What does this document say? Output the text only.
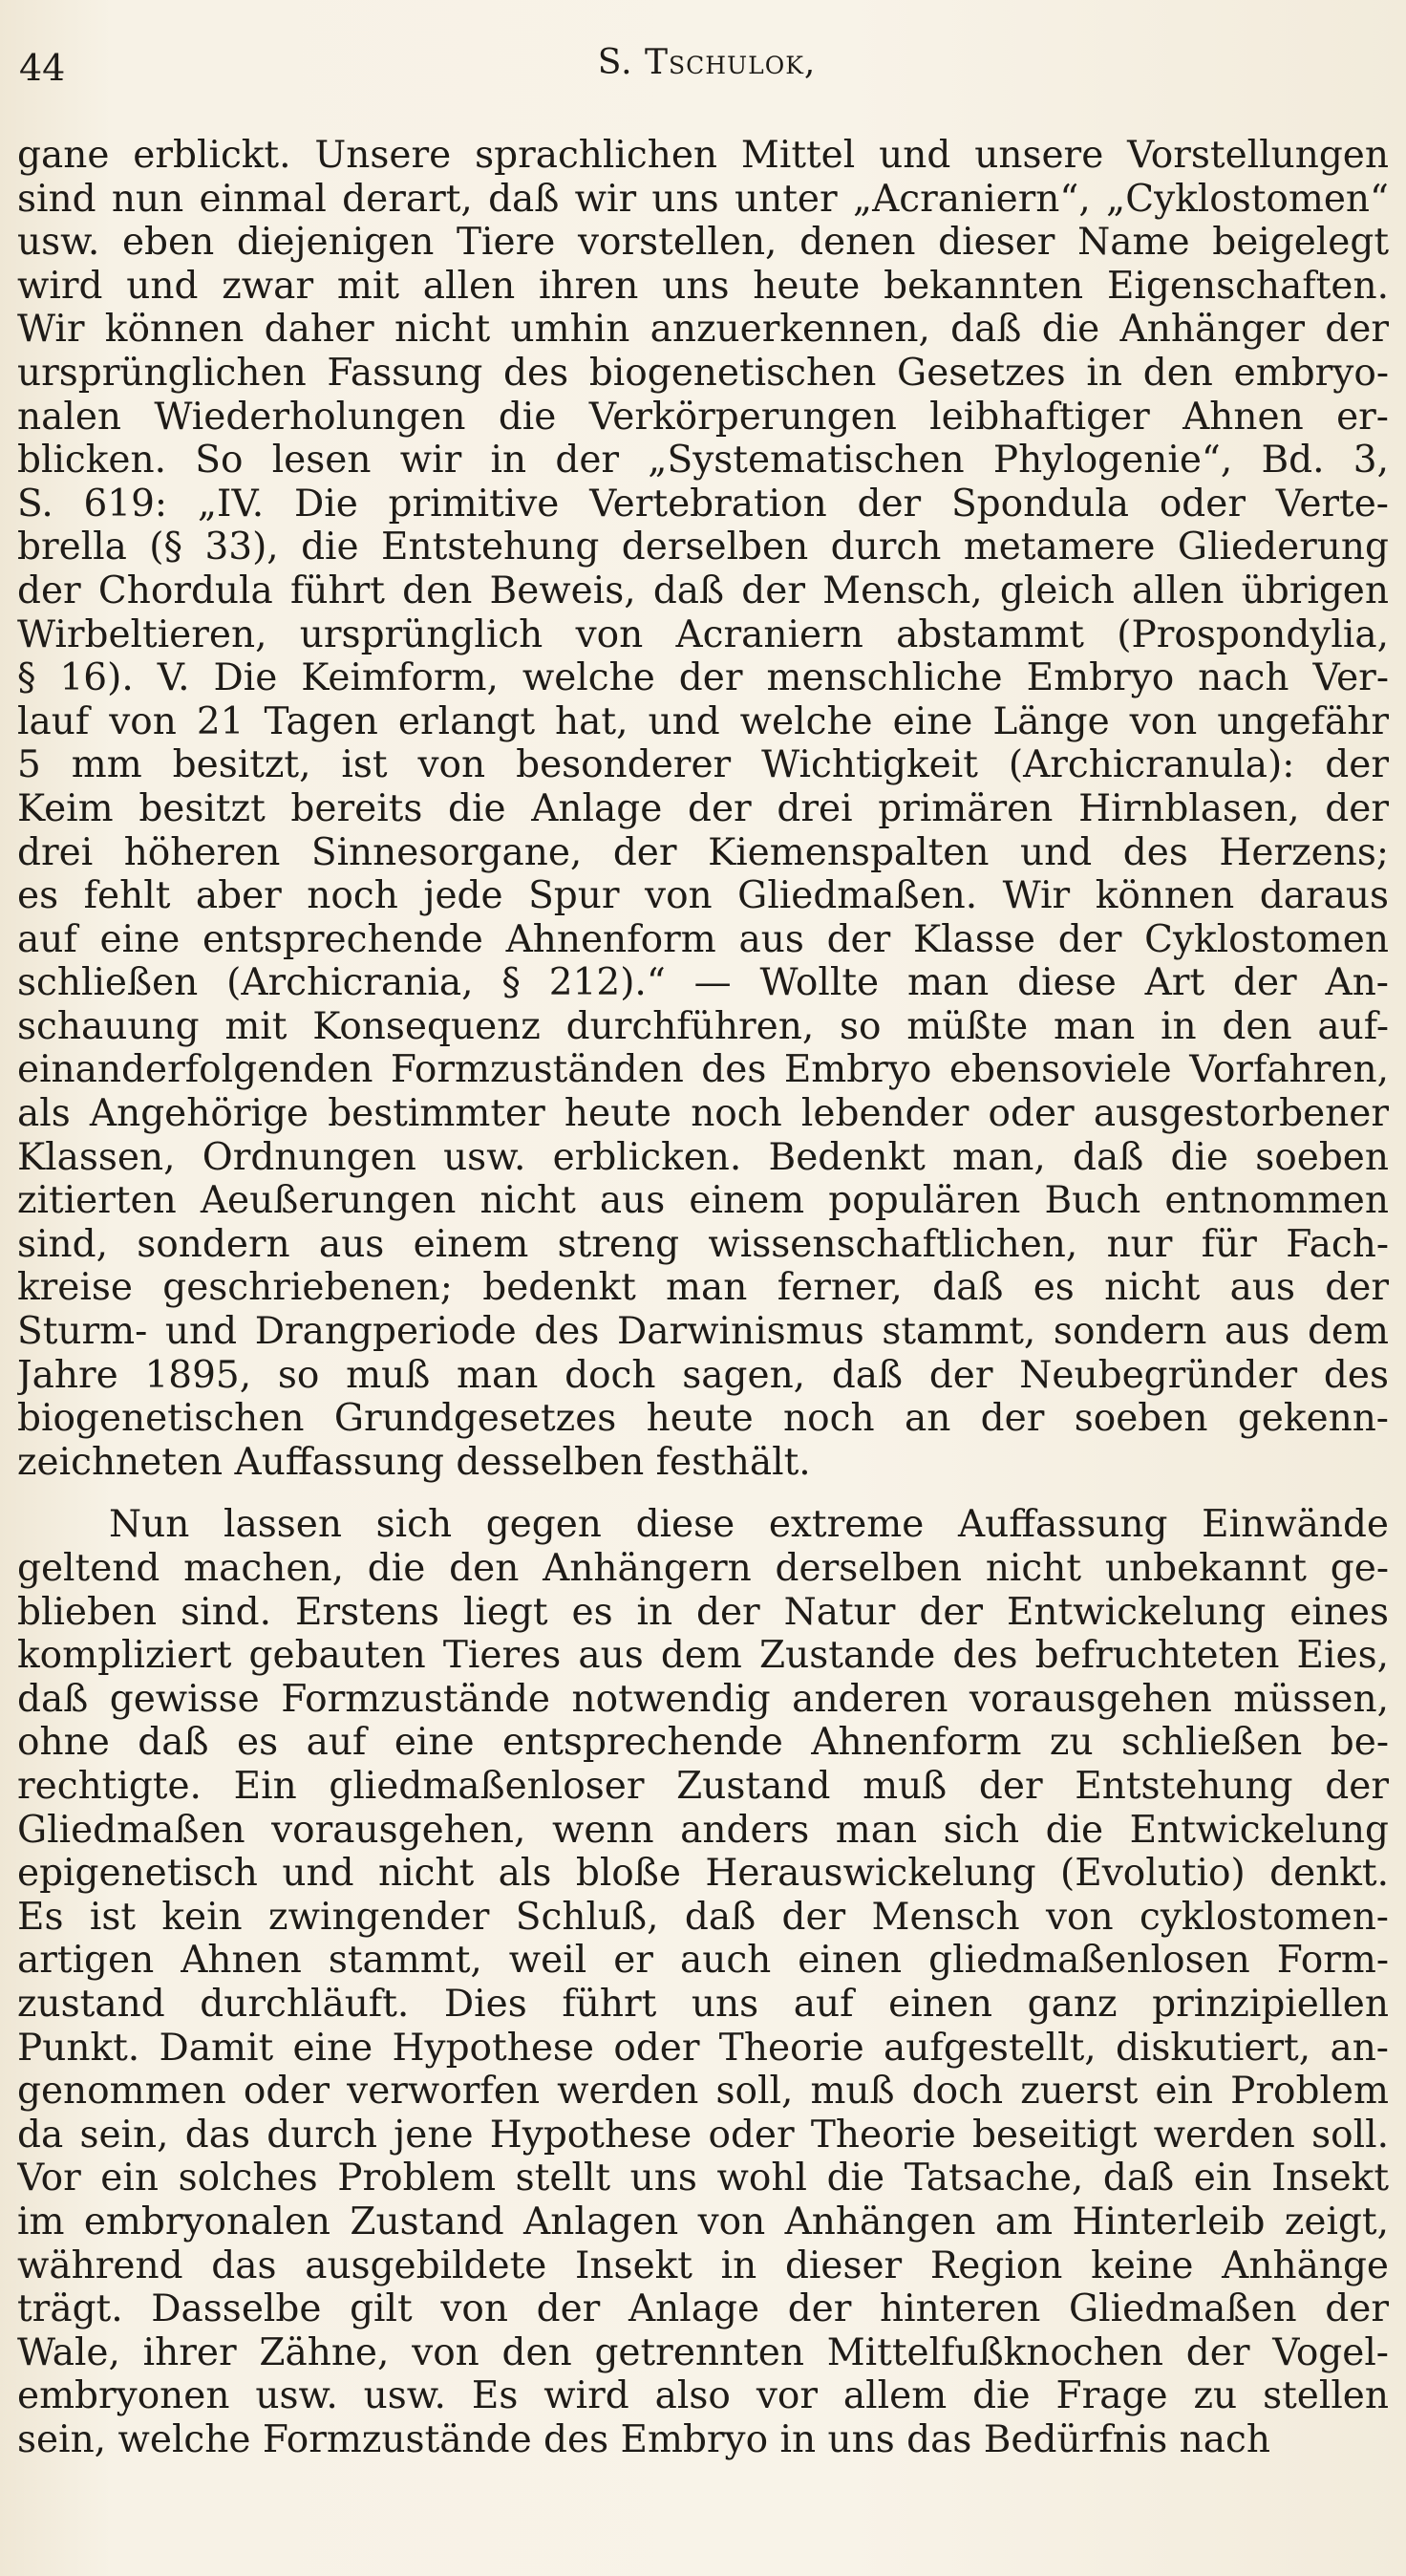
44	S. Tschulok,
gane erblickt. Unsere sprachlichen Mittel und unsere Vorstellungen
sind nun einmal derart, daß wir uns unter „Acraniern“, „Cyklostomen“
usw. eben diejenigen Tiere vorstellen, denen dieser Name beigelegt
wird und zwar mit allen ihren uns heute bekannten Eigenschaften.
Wir können daher nicht umhin anzuerkennen, daß die Anhänger der
ursprünglichen Fassung des biogenetischen Gesetzes in den embryo-
nalen Wiederholungen die Verkörperungen leibhaftiger Ahnen er-
blicken. So lesen wir in der „Systematischen Phylogenie“, Bd. 3,
S. 619: „IV. Die primitive Vertebration der Spondula oder Verte-
brella (§ 33), die Entstehung derselben durch metamere Gliederung
der Chordula führt den Beweis, daß der Mensch, gleich allen übrigen
Wirbeltieren, ursprünglich von Acraniern abstammt (Prospondylia,
§ 16). V. Die Keimform, welche der menschliche Embryo nach Ver-
lauf von 21 Tagen erlangt hat, und welche eine Länge von ungefähr
5 mm besitzt, ist von besonderer Wichtigkeit (Archicranula): der
Keim besitzt bereits die Anlage der drei primären Hirnblasen, der
drei höheren Sinnesorgane, der Kiemenspalten und des Herzens;
es fehlt aber noch jede Spur von Gliedmaßen. Wir können daraus
auf eine entsprechende Ahnenform aus der Klasse der Cyklostomen
schließen (Archicrania, § 212).“ — Wollte man diese Art der An-
schauung mit Konsequenz durchführen, so müßte man in den auf-
einanderfolgenden Formzuständen des Embryo ebensoviele Vorfahren,
als Angehörige bestimmter heute noch lebender oder ausgestorbener
Klassen, Ordnungen usw. erblicken. Bedenkt man, daß die soeben
zitierten Aeußerungen nicht aus einem populären Buch entnommen
sind, sondern aus einem streng wissenschaftlichen, nur für Fach-
kreise geschriebenen; bedenkt man ferner, daß es nicht aus der
Sturm- und Drangperiode des Darwinismus stammt, sondern aus dem
Jahre 1895, so muß man doch sagen, daß der Neubegründer des
biogenetischen Grundgesetzes heute noch an der soeben gekenn-
zeichneten Auffassung desselben festhält.
Nun lassen sich gegen diese extreme Auffassung Einwände
geltend machen, die den Anhängern derselben nicht unbekannt ge-
blieben sind. Erstens liegt es in der Natur der Entwickelung eines
kompliziert gebauten Tieres aus dem Zustande des befruchteten Eies,
daß gewisse Formzustände notwendig anderen vorausgehen müssen,
ohne daß es auf eine entsprechende Ahnenform zu schließen be-
rechtigte. Ein gliedmaßenloser Zustand muß der Entstehung der
Gliedmaßen vorausgehen, wenn anders man sich die Entwickelung
epigenetisch und nicht als bloße Herauswickelung (Evolutio) denkt.
Es ist kein zwingender Schluß, daß der Mensch von cyklostomen-
artigen Ahnen stammt, weil er auch einen gliedmaßenlosen Form-
zustand durchläuft. Dies führt uns auf einen ganz prinzipiellen
Punkt. Damit eine Hypothese oder Theorie aufgestellt, diskutiert, an-
genommen oder verworfen werden soll, muß doch zuerst ein Problem
da sein, das durch jene Hypothese oder Theorie beseitigt werden soll.
Vor ein solches Problem stellt uns wohl die Tatsache, daß ein Insekt
im embryonalen Zustand Anlagen von Anhängen am Hinterleib zeigt,
während das ausgebildete Insekt in dieser Region keine Anhänge
trägt. Dasselbe gilt von der Anlage der hinteren Gliedmaßen der
Wale, ihrer Zähne, von den getrennten Mittelfußknochen der Vogel-
embryonen usw. usw. Es wird also vor allem die Frage zu stellen
sein, welche Formzustände des Embryo in uns das Bedürfnis nach
